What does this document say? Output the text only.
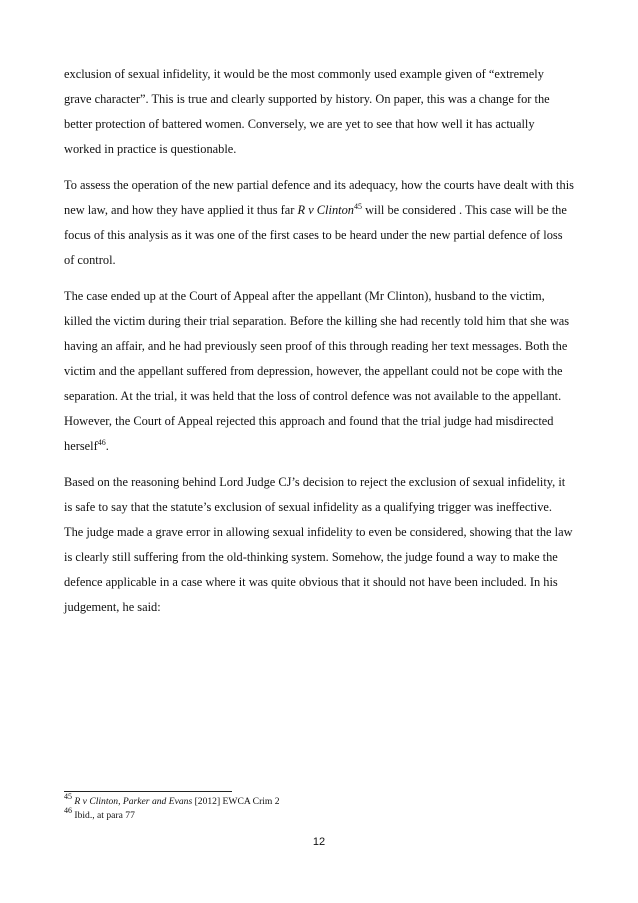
exclusion of sexual infidelity, it would be the most commonly used example given of “extremely grave character”. This is true and clearly supported by history. On paper, this was a change for the better protection of battered women. Conversely, we are yet to see that how well it has actually worked in practice is questionable.

To assess the operation of the new partial defence and its adequacy, how the courts have dealt with this new law, and how they have applied it thus far R v Clinton$^{45}$ will be considered . This case will be the focus of this analysis as it was one of the first cases to be heard under the new partial defence of loss of control.

The case ended up at the Court of Appeal after the appellant (Mr Clinton), husband to the victim, killed the victim during their trial separation. Before the killing she had recently told him that she was having an affair, and he had previously seen proof of this through reading her text messages. Both the victim and the appellant suffered from depression, however, the appellant could not be cope with the separation. At the trial, it was held that the loss of control defence was not available to the appellant. However, the Court of Appeal rejected this approach and found that the trial judge had misdirected herself$^{46}$.

Based on the reasoning behind Lord Judge CJ’s decision to reject the exclusion of sexual infidelity, it is safe to say that the statute’s exclusion of sexual infidelity as a qualifying trigger was ineffective. The judge made a grave error in allowing sexual infidelity to even be considered, showing that the law is clearly still suffering from the old-thinking system. Somehow, the judge found a way to make the defence applicable in a case where it was quite obvious that it should not have been included. In his judgement, he said:

$^{45}$ R v Clinton, Parker and Evans [2012] EWCA Crim 2

$^{46}$ Ibid., at para 77

12
